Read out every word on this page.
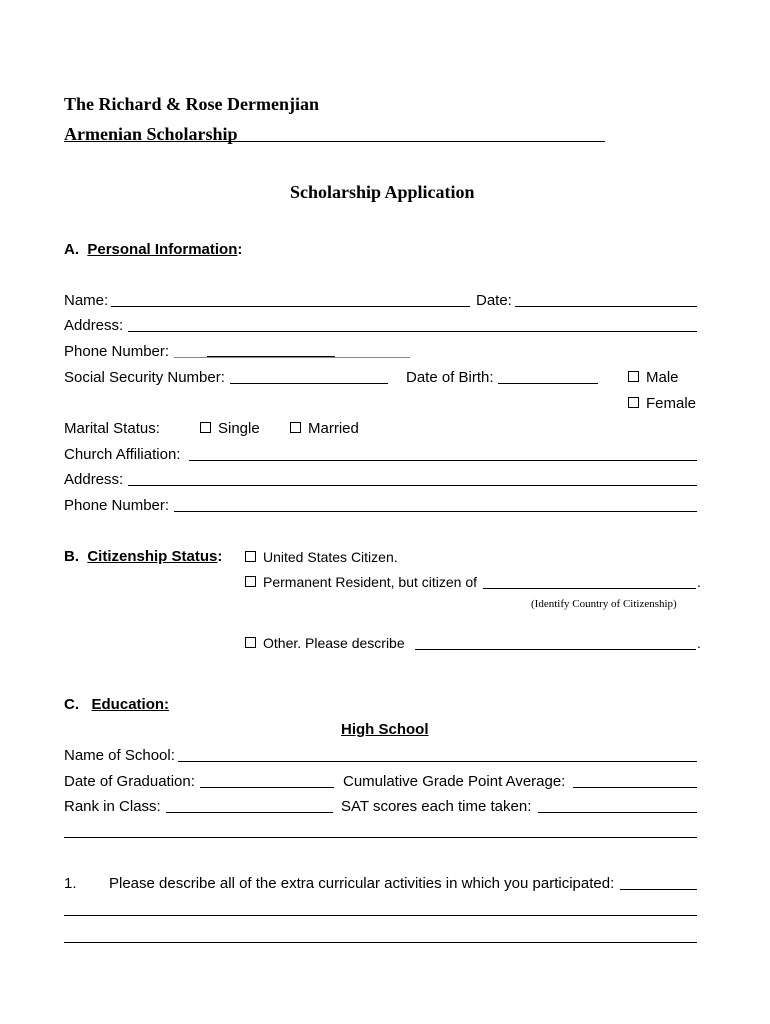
The Richard & Rose Dermenjian
Armenian Scholarship
Scholarship Application
A. Personal Information:
Name:	Date:
Address:
Phone Number:
Social Security Number:	Date of Birth:	Male
Female
Marital Status:	Single	Married
Church Affiliation:
Address:
Phone Number:
B. Citizenship Status:	United States Citizen.
Permanent Resident, but citizen of	.
(Identify Country of Citizenship)
Other. Please describe	.
C. Education:
High School
Name of School:
Date of Graduation:	Cumulative Grade Point Average:
Rank in Class:	SAT scores each time taken:
1. Please describe all of the extra curricular activities in which you participated:
